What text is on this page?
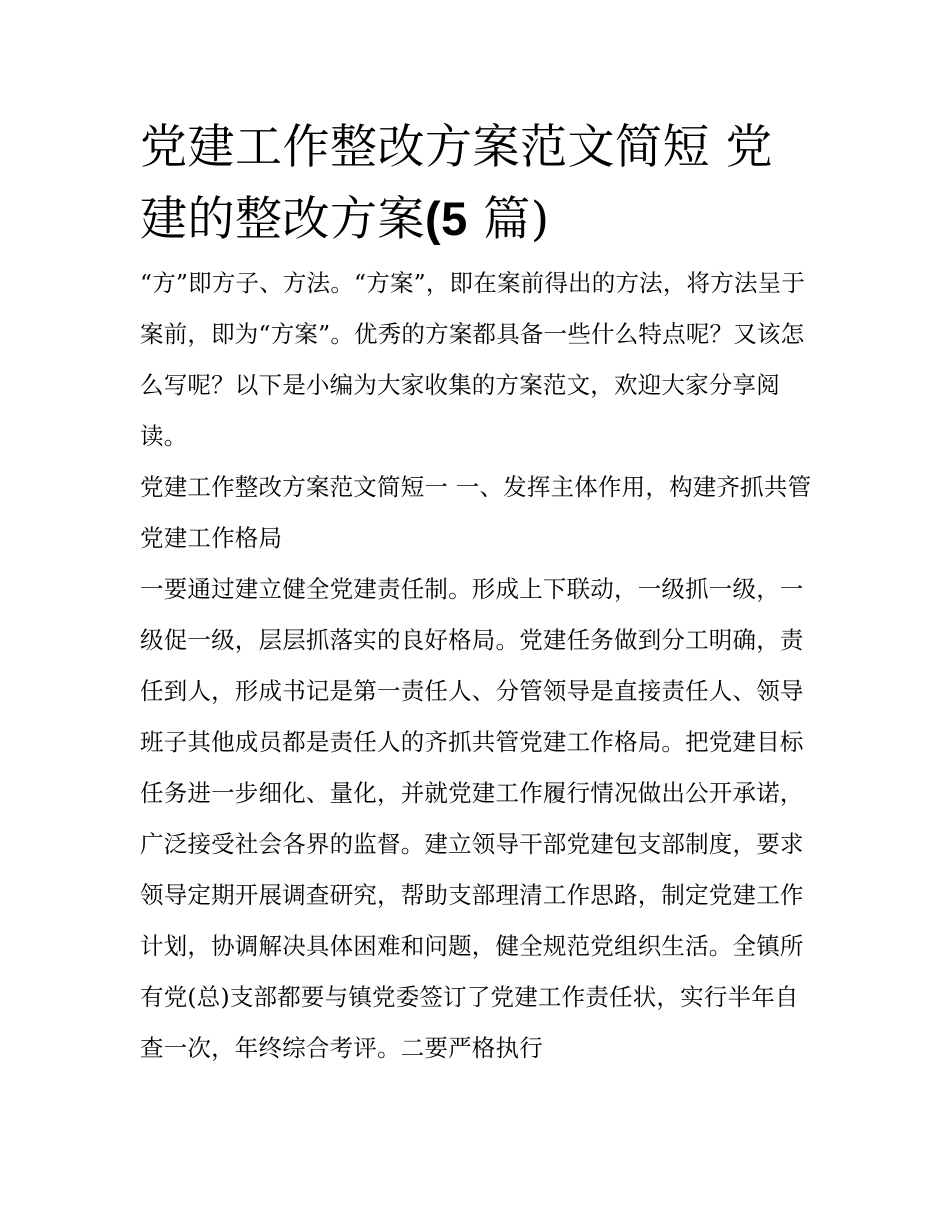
党建工作整改方案范文简短 党建的整改方案(5 篇)

“方”即方子、方法。“方案”，即在案前得出的方法，将方法呈于案前，即为“方案”。优秀的方案都具备一些什么特点呢？又该怎么写呢？以下是小编为大家收集的方案范文，欢迎大家分享阅读。

党建工作整改方案范文简短一 一、发挥主体作用，构建齐抓共管党建工作格局

一要通过建立健全党建责任制。形成上下联动，一级抓一级，一级促一级，层层抓落实的良好格局。党建任务做到分工明确，责任到人，形成书记是第一责任人、分管领导是直接责任人、领导班子其他成员都是责任人的齐抓共管党建工作格局。把党建目标任务进一步细化、量化，并就党建工作履行情况做出公开承诺，广泛接受社会各界的监督。建立领导干部党建包支部制度，要求领导定期开展调查研究，帮助支部理清工作思路，制定党建工作计划，协调解决具体困难和问题，健全规范党组织生活。全镇所有党(总)支部都要与镇党委签订了党建工作责任状，实行半年自查一次，年终综合考评。二要严格执行
